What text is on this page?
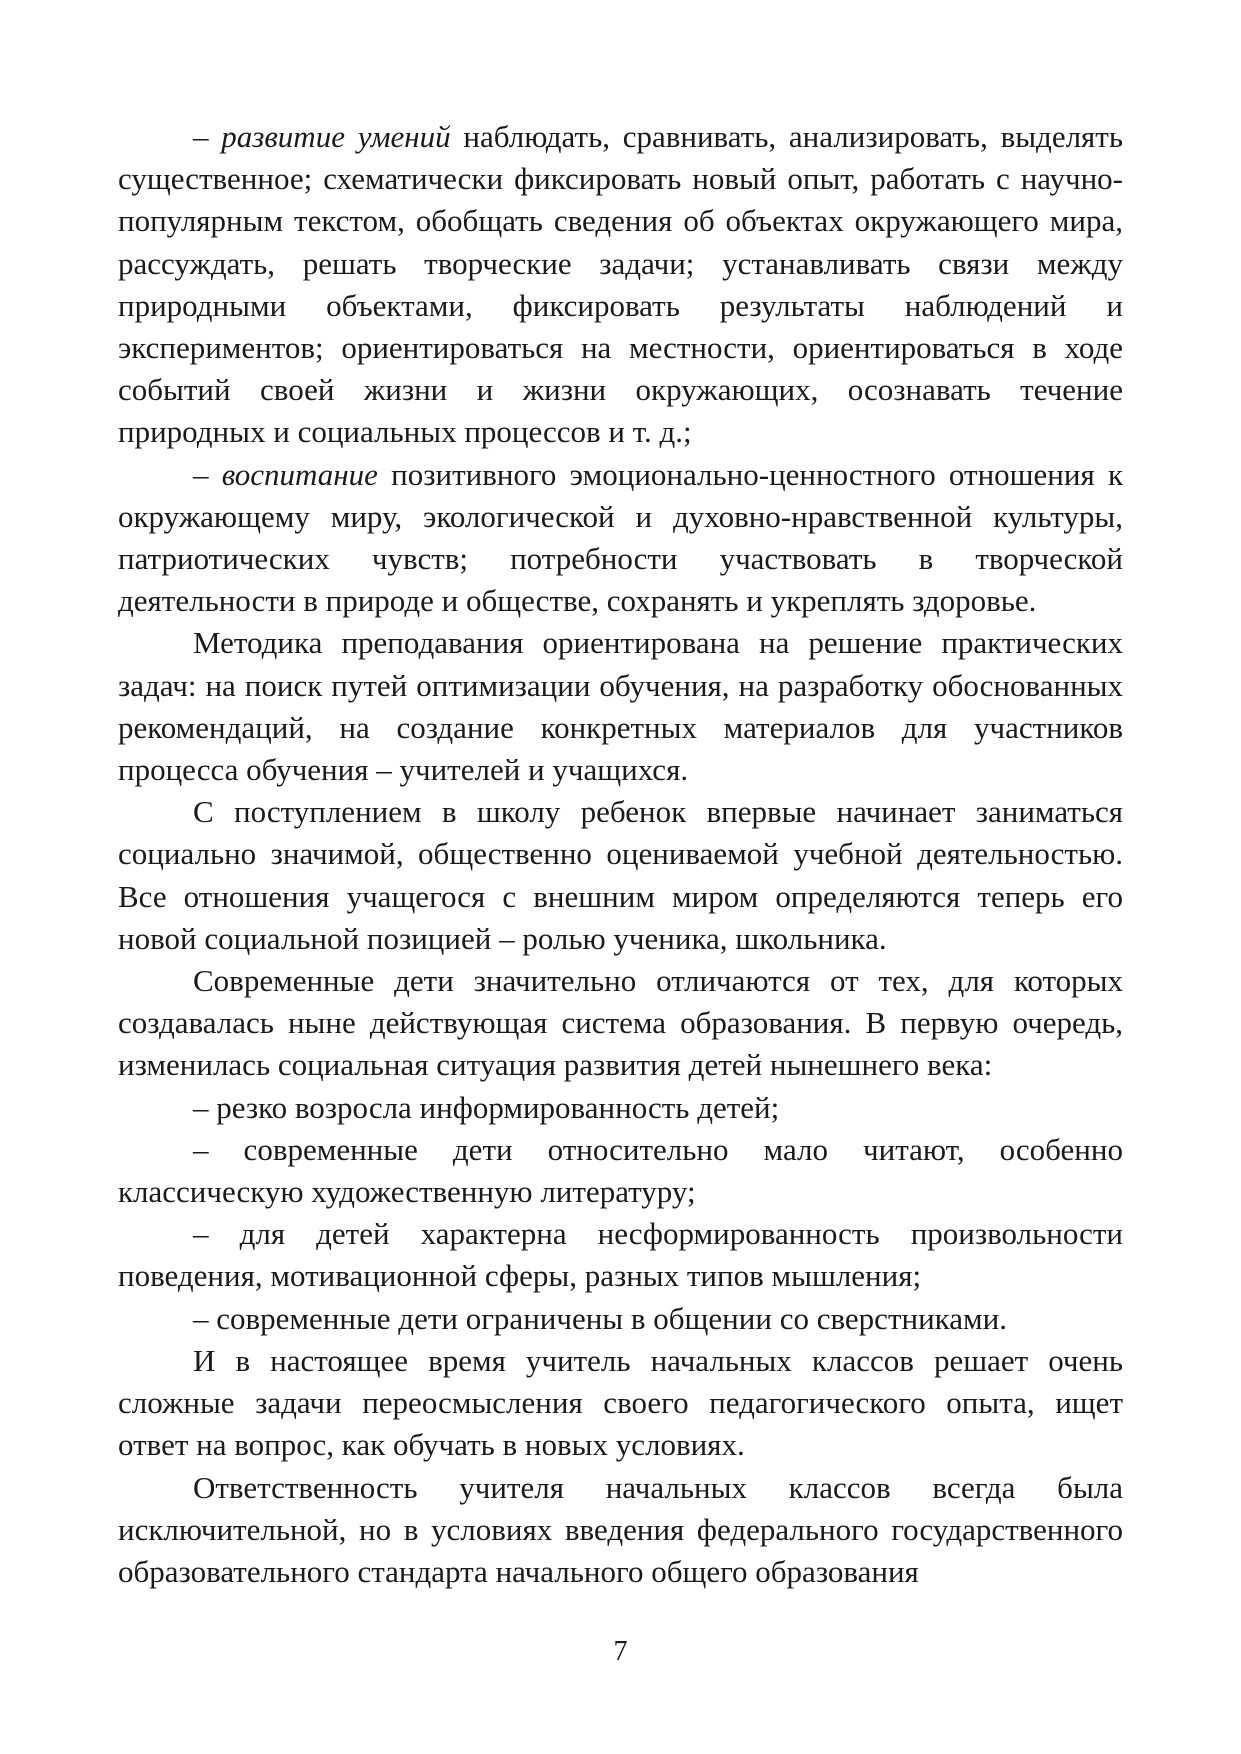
– развитие умений наблюдать, сравнивать, анализировать, выделять существенное; схематически фиксировать новый опыт, работать с научно-популярным текстом, обобщать сведения об объектах окружающего мира, рассуждать, решать творческие задачи; устанавливать связи между природными объектами, фиксировать результаты наблюдений и экспериментов; ориентироваться на местности, ориентироваться в ходе событий своей жизни и жизни окружающих, осознавать течение природных и социальных процессов и т. д.;

– воспитание позитивного эмоционально-ценностного отношения к окружающему миру, экологической и духовно-нравственной культуры, патриотических чувств; потребности участвовать в творческой деятельности в природе и обществе, сохранять и укреплять здоровье.

Методика преподавания ориентирована на решение практических задач: на поиск путей оптимизации обучения, на разработку обоснованных рекомендаций, на создание конкретных материалов для участников процесса обучения – учителей и учащихся.

С поступлением в школу ребенок впервые начинает заниматься социально значимой, общественно оцениваемой учебной деятельностью. Все отношения учащегося с внешним миром определяются теперь его новой социальной позицией – ролью ученика, школьника.

Современные дети значительно отличаются от тех, для которых создавалась ныне действующая система образования. В первую очередь, изменилась социальная ситуация развития детей нынешнего века:

– резко возросла информированность детей;

– современные дети относительно мало читают, особенно классическую художественную литературу;

– для детей характерна несформированность произвольности поведения, мотивационной сферы, разных типов мышления;

– современные дети ограничены в общении со сверстниками.

И в настоящее время учитель начальных классов решает очень сложные задачи переосмысления своего педагогического опыта, ищет ответ на вопрос, как обучать в новых условиях.

Ответственность учителя начальных классов всегда была исключительной, но в условиях введения федерального государственного образовательного стандарта начального общего образования

7
